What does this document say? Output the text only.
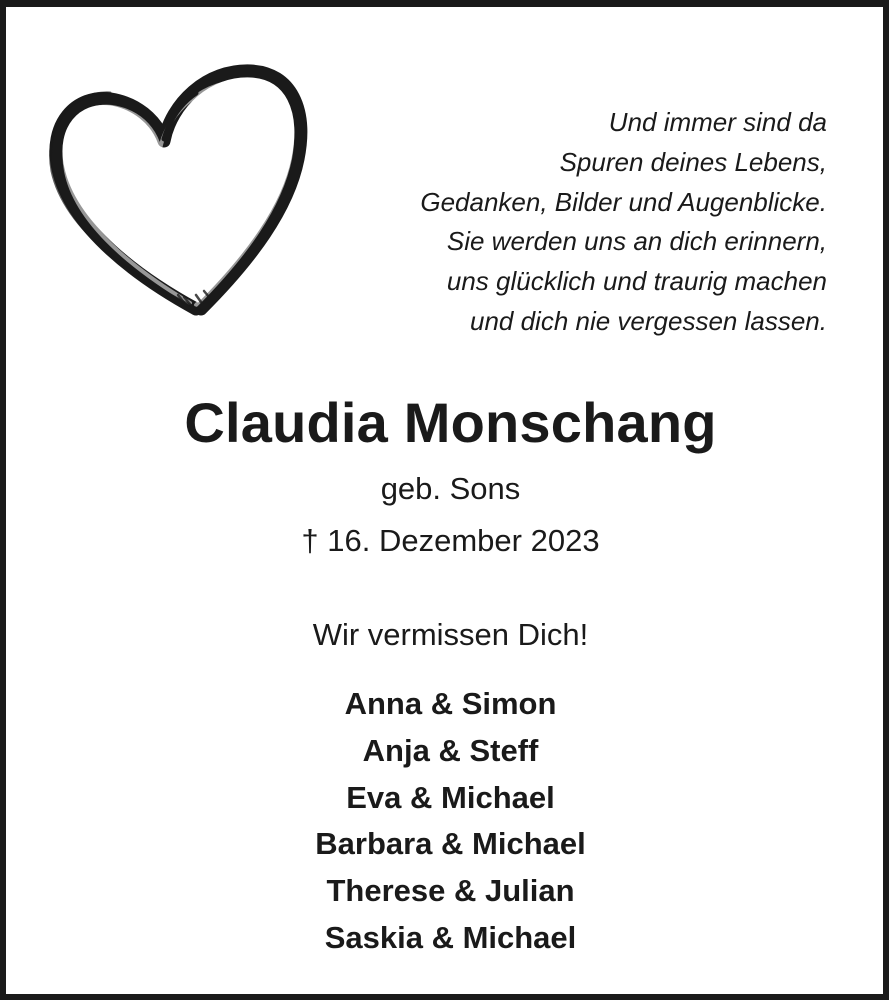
Und immer sind da
Spuren deines Lebens,
Gedanken, Bilder und Augenblicke.
Sie werden uns an dich erinnern,
uns glücklich und traurig machen
und dich nie vergessen lassen.
Claudia Monschang
geb. Sons
† 16. Dezember 2023
Wir vermissen Dich!
Anna & Simon
Anja & Steff
Eva & Michael
Barbara & Michael
Therese & Julian
Saskia & Michael
